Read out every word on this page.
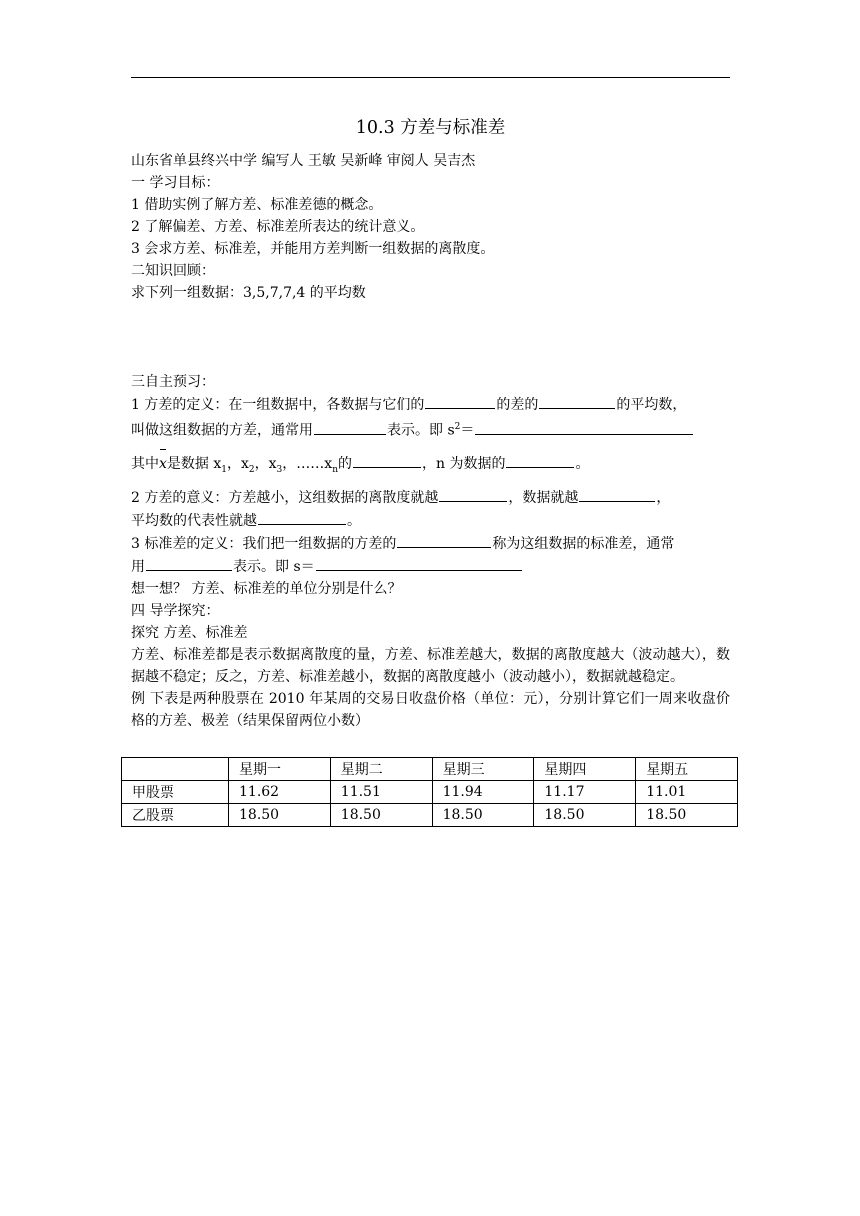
10.3 方差与标准差
山东省单县终兴中学 编写人 王敏 吴新峰 审阅人 吴吉杰
一 学习目标：
1 借助实例了解方差、标准差德的概念。
2 了解偏差、方差、标准差所表达的统计意义。
3 会求方差、标准差，并能用方差判断一组数据的离散度。
二知识回顾：
求下列一组数据：3,5,7,7,4 的平均数
三自主预习：
1 方差的定义：在一组数据中，各数据与它们的	的差的	的平均数，
叫做这组数据的方差，通常用	表示。即 $s^2=$
其中x是数据 $x_1$，$x_2$，$x_3$，$\dots\dots x_n$的	，n 为数据的	。
2 方差的意义：方差越小，这组数据的离散度就越	，数据就越	，
平均数的代表性就越	。
3 标准差的定义：我们把一组数据的方差的	称为这组数据的标准差，通常
用	表示。即 s＝
想一想？ 方差、标准差的单位分别是什么？
四 导学探究：
探究 方差、标准差
方差、标准差都是表示数据离散度的量，方差、标准差越大，数据的离散度越大（波动越大），数据越不稳定；反之，方差、标准差越小，数据的离散度越小（波动越小），数据就越稳定。
例 下表是两种股票在 2010 年某周的交易日收盘价格（单位：元），分别计算它们一周来收盘价格的方差、极差（结果保留两位小数）
	星期一	星期二	星期三	星期四	星期五
甲股票	11.62	11.51	11.94	11.17	11.01
乙股票	18.50	18.50	18.50	18.50	18.50
